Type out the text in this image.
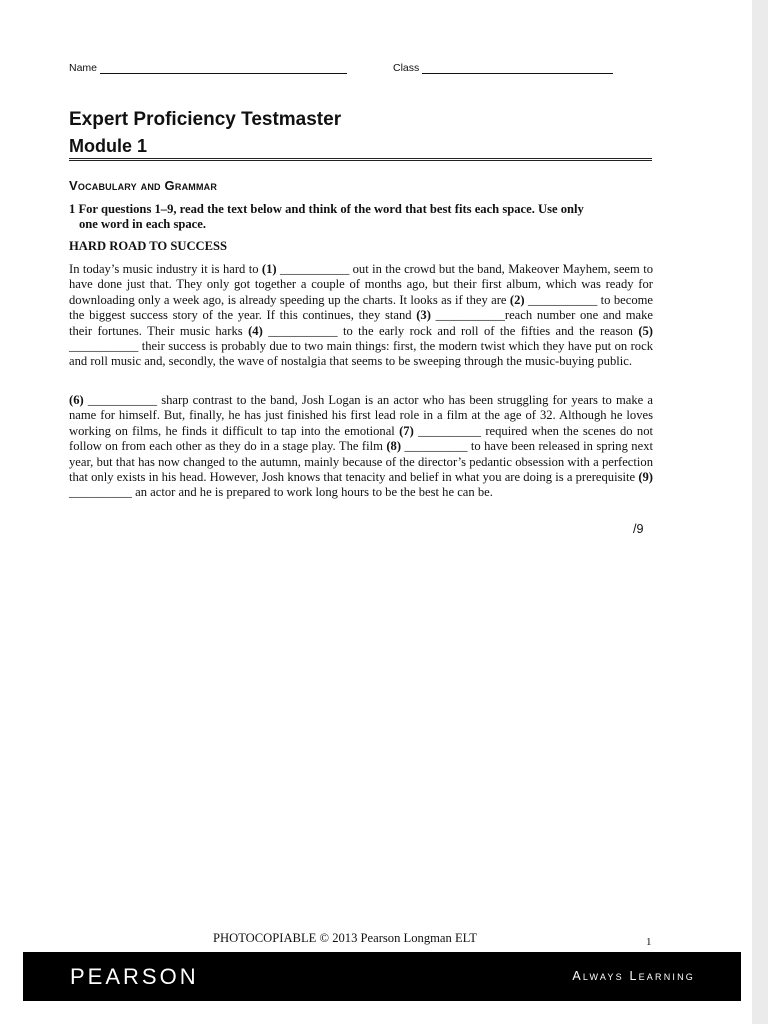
Name	Class
Expert Proficiency Testmaster
Module 1
Vocabulary and Grammar

1 For questions 1–9, read the text below and think of the word that best fits each space. Use only
one word in each space.

HARD ROAD TO SUCCESS

In today’s music industry it is hard to (1) ___________ out in the crowd but the band, Makeover Mayhem, seem to have done just that. They only got together a couple of months ago, but their first album, which was ready for downloading only a week ago, is already speeding up the charts. It looks as if they are (2) ___________ to become the biggest success story of the year. If this continues, they stand (3) ___________reach number one and make their fortunes. Their music harks (4) ___________ to the early rock and roll of the fifties and the reason (5) ___________ their success is probably due to two main things: first, the modern twist which they have put on rock and roll music and, secondly, the wave of nostalgia that seems to be sweeping through the music-buying public.

(6) ___________ sharp contrast to the band, Josh Logan is an actor who has been struggling for years to make a name for himself. But, finally, he has just finished his first lead role in a film at the age of 32. Although he loves working on films, he finds it difficult to tap into the emotional (7) __________ required when the scenes do not follow on from each other as they do in a stage play. The film (8) __________ to have been released in spring next year, but that has now changed to the autumn, mainly because of the director’s pedantic obsession with a perfection that only exists in his head. However, Josh knows that tenacity and belief in what you are doing is a prerequisite (9) __________ an actor and he is prepared to work long hours to be the best he can be.

/9
PHOTOCOPIABLE © 2013 Pearson Longman ELT	1
PEARSON	Always Learning
